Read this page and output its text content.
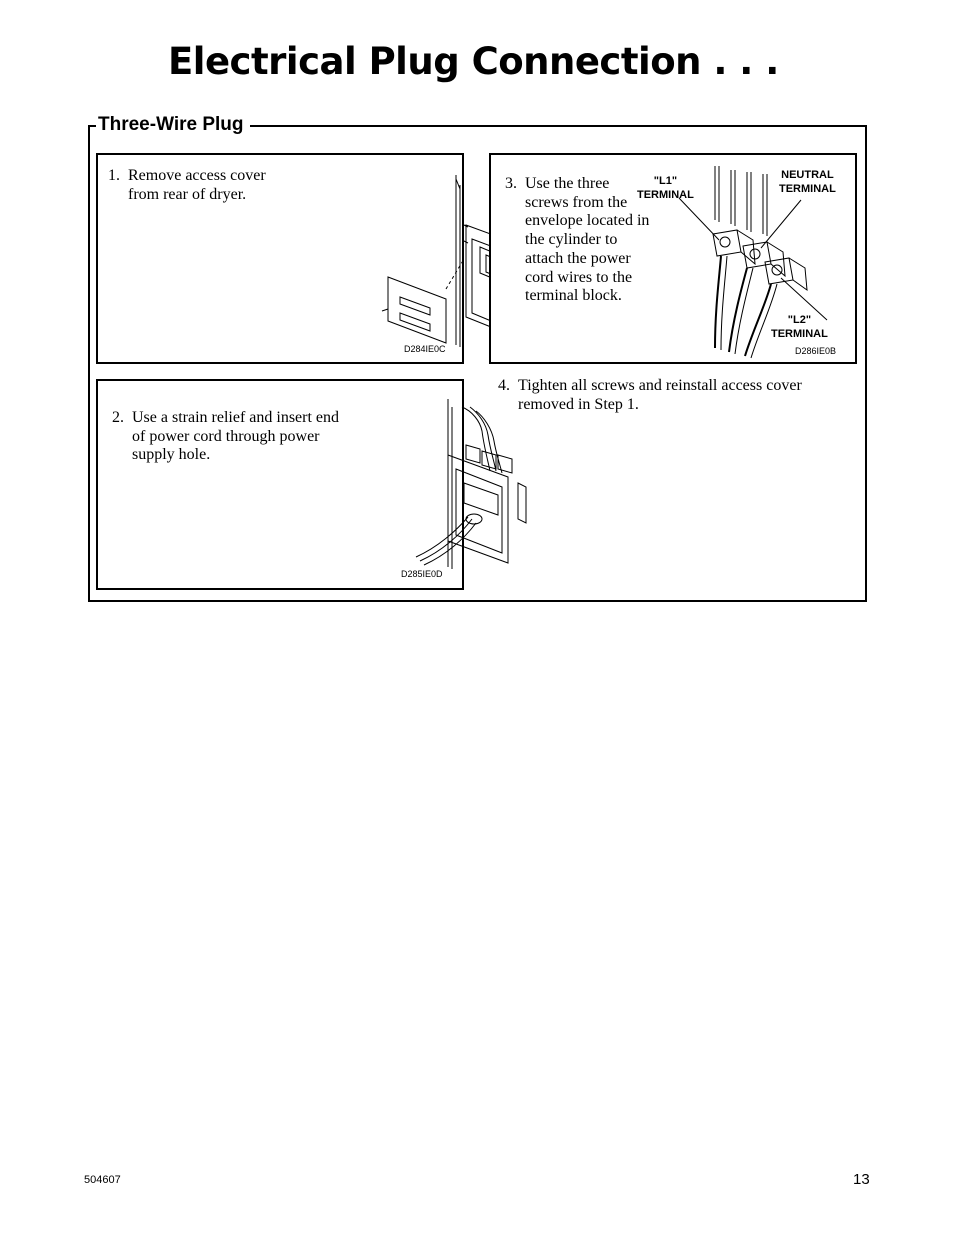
Electrical Plug Connection . . .
Three-Wire Plug
1. Remove access cover from rear of dryer.
D284IE0C
2. Use a strain relief and insert end of power cord through power supply hole.
D285IE0D
3. Use the three screws from the envelope located in the cylinder to attach the power cord wires to the terminal block.
"L1"
TERMINAL
NEUTRAL
TERMINAL
"L2"
TERMINAL
D286IE0B
4. Tighten all screws and reinstall access cover removed in Step 1.
504607	13
